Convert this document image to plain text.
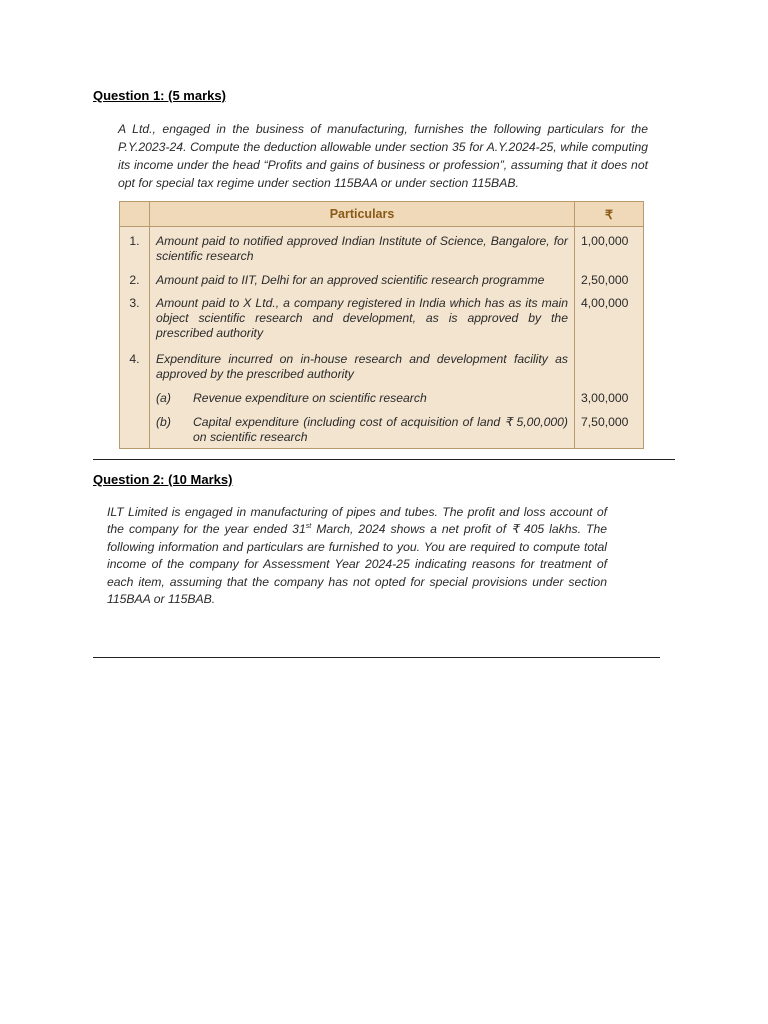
Question 1: (5 marks)

A Ltd., engaged in the business of manufacturing, furnishes the following particulars for the P.Y.2023-24. Compute the deduction allowable under section 35 for A.Y.2024-25, while computing its income under the head “Profits and gains of business or profession”, assuming that it does not opt for special tax regime under section 115BAA or under section 115BAB.

	Particulars	₹
1.	Amount paid to notified approved Indian Institute of Science, Bangalore, for scientific research	1,00,000
2.	Amount paid to IIT, Delhi for an approved scientific research programme	2,50,000
3.	Amount paid to X Ltd., a company registered in India which has as its main object scientific research and development, as is approved by the prescribed authority	4,00,000
4.	Expenditure incurred on in-house research and development facility as approved by the prescribed authority	

	(a) Revenue expenditure on scientific research	3,00,000

	(b) Capital expenditure (including cost of acquisition of land ₹ 5,00,000) on scientific research	7,50,000
Question 2: (10 Marks)

ILT Limited is engaged in manufacturing of pipes and tubes. The profit and loss account of the company for the year ended 31st March, 2024 shows a net profit of ₹ 405 lakhs. The following information and particulars are furnished to you. You are required to compute total income of the company for Assessment Year 2024-25 indicating reasons for treatment of each item, assuming that the company has not opted for special provisions under section 115BAA or 115BAB.
